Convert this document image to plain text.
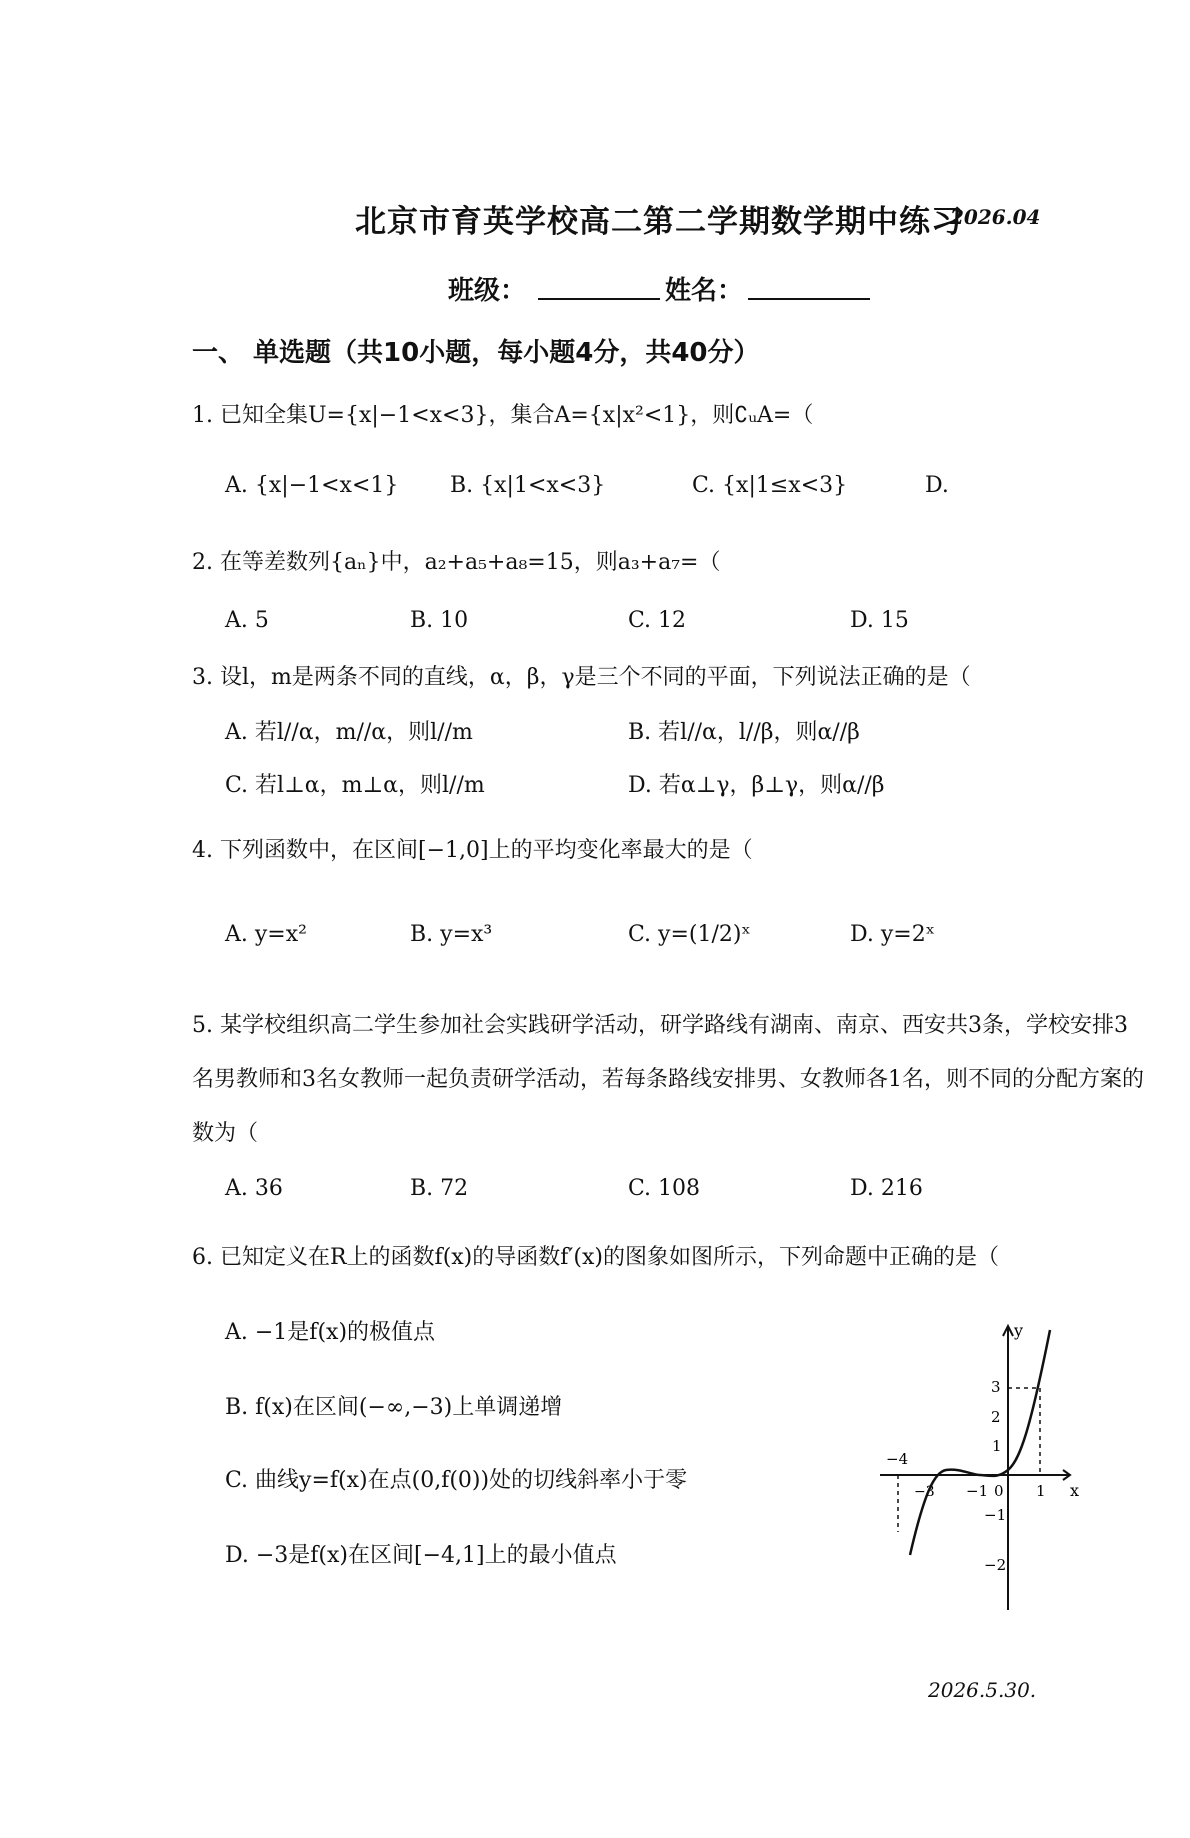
北京市育英学校高二第二学期数学期中练习
2026.04
班级：	姓名：
一、 单选题（共10小题，每小题4分，共40分）
1. 已知全集U={x|−1<x<3}，集合A={x|x²<1}，则∁ᵤA=（
A. {x|−1<x<1} B. {x|1<x<3}	C. {x|1≤x<3}	D.
2. 在等差数列{aₙ}中，a₂+a₅+a₈=15，则a₃+a₇=（
A. 5	B. 10	C. 12	D. 15
3. 设l，m是两条不同的直线，α，β，γ是三个不同的平面，下列说法正确的是（
A. 若l//α，m//α，则l//m	B. 若l//α，l//β，则α//β
C. 若l⊥α，m⊥α，则l//m	D. 若α⊥γ，β⊥γ，则α//β
4. 下列函数中，在区间[−1,0]上的平均变化率最大的是（
A. y=x²	B. y=x³	C. y=(1/2)ˣ	D. y=2ˣ
5. 某学校组织高二学生参加社会实践研学活动，研学路线有湖南、南京、西安共3条，学校安排3
名男教师和3名女教师一起负责研学活动，若每条路线安排男、女教师各1名，则不同的分配方案的
数为（
A. 36	B. 72	C. 108	D. 216
6. 已知定义在R上的函数f(x)的导函数f′(x)的图象如图所示，下列命题中正确的是（
A. −1是f(x)的极值点
B. f(x)在区间(−∞,−3)上单调递增
C. 曲线y=f(x)在点(0,f(0))处的切线斜率小于零
D. −3是f(x)在区间[−4,1]上的最小值点
y
x
3
2
1
−1
−2
−4
−3 −1 0 1
2026.5.30.
